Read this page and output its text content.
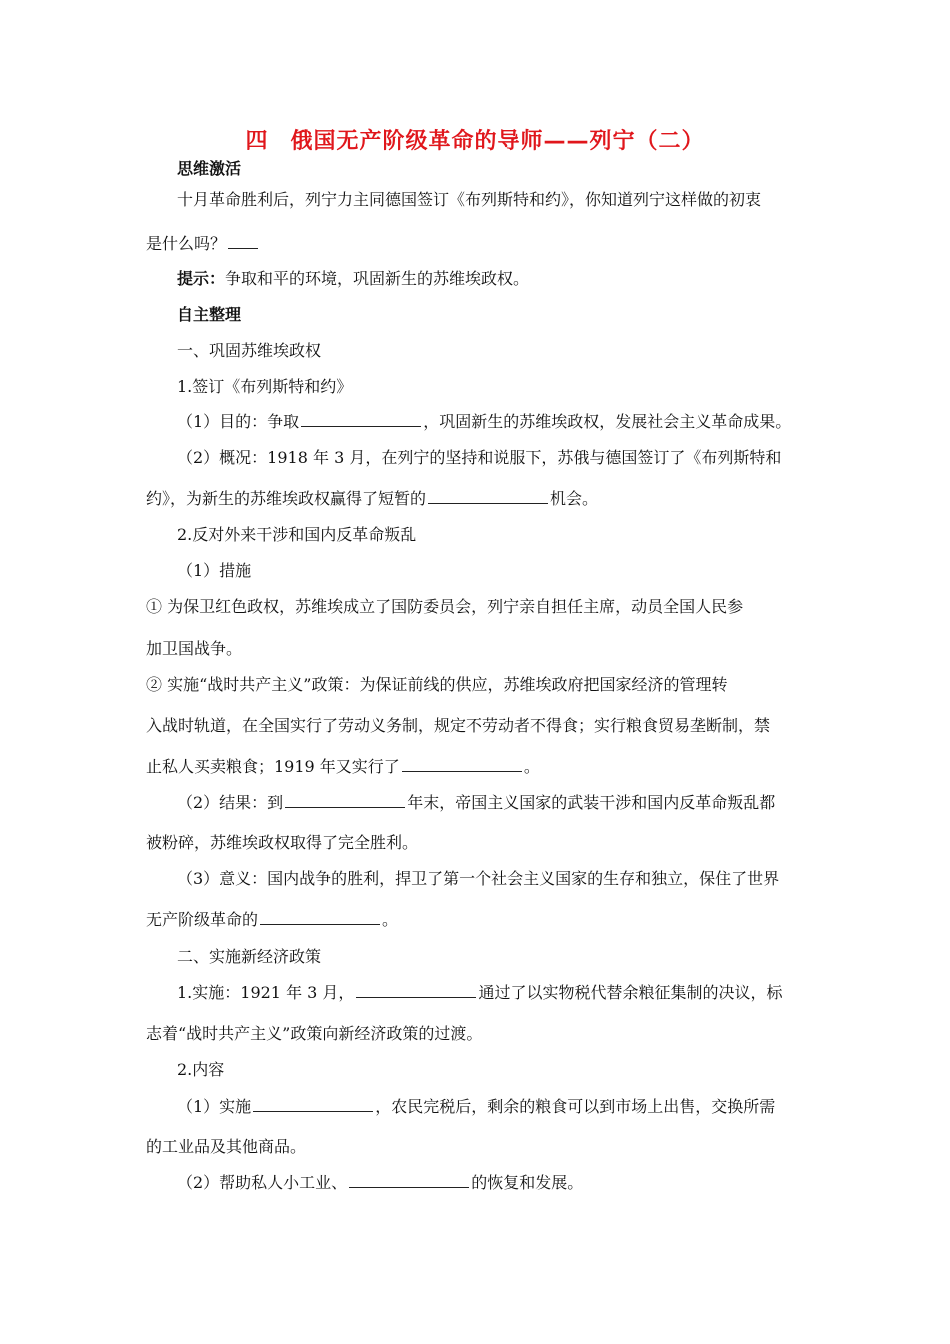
四 俄国无产阶级革命的导师——列宁（二）
思维激活
十月革命胜利后，列宁力主同德国签订《布列斯特和约》，你知道列宁这样做的初衷
是什么吗？
提示：争取和平的环境，巩固新生的苏维埃政权。
自主整理
一、巩固苏维埃政权
1.签订《布列斯特和约》
（1）目的：争取	，巩固新生的苏维埃政权，发展社会主义革命成果。
（2）概况：1918 年 3 月，在列宁的坚持和说服下，苏俄与德国签订了《布列斯特和
约》，为新生的苏维埃政权赢得了短暂的	机会。
2.反对外来干涉和国内反革命叛乱
（1）措施
① 为保卫红色政权，苏维埃成立了国防委员会，列宁亲自担任主席，动员全国人民参
加卫国战争。
② 实施“战时共产主义”政策：为保证前线的供应，苏维埃政府把国家经济的管理转
入战时轨道，在全国实行了劳动义务制，规定不劳动者不得食；实行粮食贸易垄断制，禁
止私人买卖粮食；1919 年又实行了	。
（2）结果：到	年末，帝国主义国家的武装干涉和国内反革命叛乱都
被粉碎，苏维埃政权取得了完全胜利。
（3）意义：国内战争的胜利，捍卫了第一个社会主义国家的生存和独立，保住了世界
无产阶级革命的	。
二、实施新经济政策
1.实施：1921 年 3 月，	通过了以实物税代替余粮征集制的决议，标
志着“战时共产主义”政策向新经济政策的过渡。
2.内容
（1）实施	，农民完税后，剩余的粮食可以到市场上出售，交换所需
的工业品及其他商品。
（2）帮助私人小工业、	的恢复和发展。
